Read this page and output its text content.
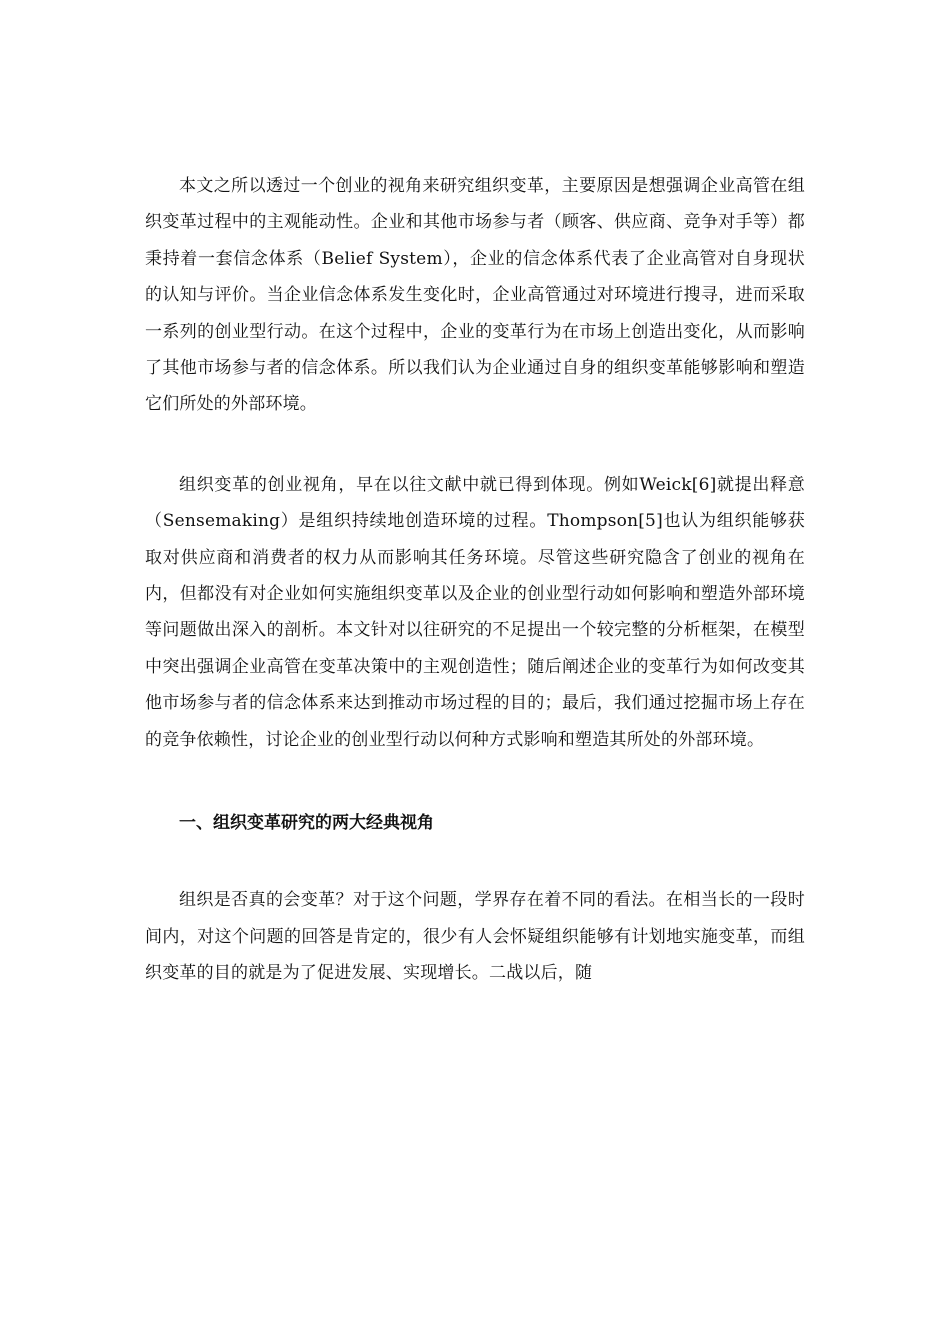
本文之所以透过一个创业的视角来研究组织变革，主要原因是想强调企业高管在组织变革过程中的主观能动性。企业和其他市场参与者（顾客、供应商、竞争对手等）都秉持着一套信念体系（Belief System），企业的信念体系代表了企业高管对自身现状的认知与评价。当企业信念体系发生变化时，企业高管通过对环境进行搜寻，进而采取一系列的创业型行动。在这个过程中，企业的变革行为在市场上创造出变化，从而影响了其他市场参与者的信念体系。所以我们认为企业通过自身的组织变革能够影响和塑造它们所处的外部环境。

组织变革的创业视角，早在以往文献中就已得到体现。例如Weick[6]就提出释意（Sensemaking）是组织持续地创造环境的过程。Thompson[5]也认为组织能够获取对供应商和消费者的权力从而影响其任务环境。尽管这些研究隐含了创业的视角在内，但都没有对企业如何实施组织变革以及企业的创业型行动如何影响和塑造外部环境等问题做出深入的剖析。本文针对以往研究的不足提出一个较完整的分析框架，在模型中突出强调企业高管在变革决策中的主观创造性；随后阐述企业的变革行为如何改变其他市场参与者的信念体系来达到推动市场过程的目的；最后，我们通过挖掘市场上存在的竞争依赖性，讨论企业的创业型行动以何种方式影响和塑造其所处的外部环境。

一、组织变革研究的两大经典视角

组织是否真的会变革？对于这个问题，学界存在着不同的看法。在相当长的一段时间内，对这个问题的回答是肯定的，很少有人会怀疑组织能够有计划地实施变革，而组织变革的目的就是为了促进发展、实现增长。二战以后，随
